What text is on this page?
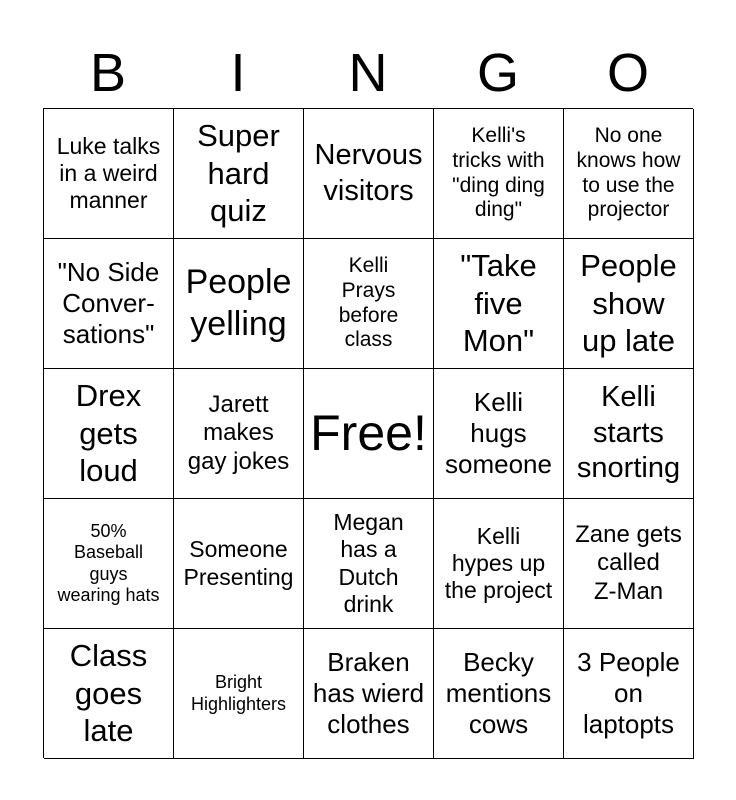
B	I	N	G	O
Luke talks
in a weird
manner
Super
hard
quiz
Nervous
visitors
Kelli's
tricks with
"ding ding
ding"
No one
knows how
to use the
projector
"No Side
Conver-
sations"
People
yelling
Kelli
Prays
before
class
"Take
five
Mon"
People
show
up late
Drex
gets
loud
Jarett
makes
gay jokes
Free!
Kelli
hugs
someone
Kelli
starts
snorting
50%
Baseball
guys
wearing hats
Someone
Presenting
Megan
has a
Dutch
drink
Kelli
hypes up
the project
Zane gets
called
Z-Man
Class
goes
late
Bright
Highlighters
Braken
has wierd
clothes
Becky
mentions
cows
3 People
on
laptopts
